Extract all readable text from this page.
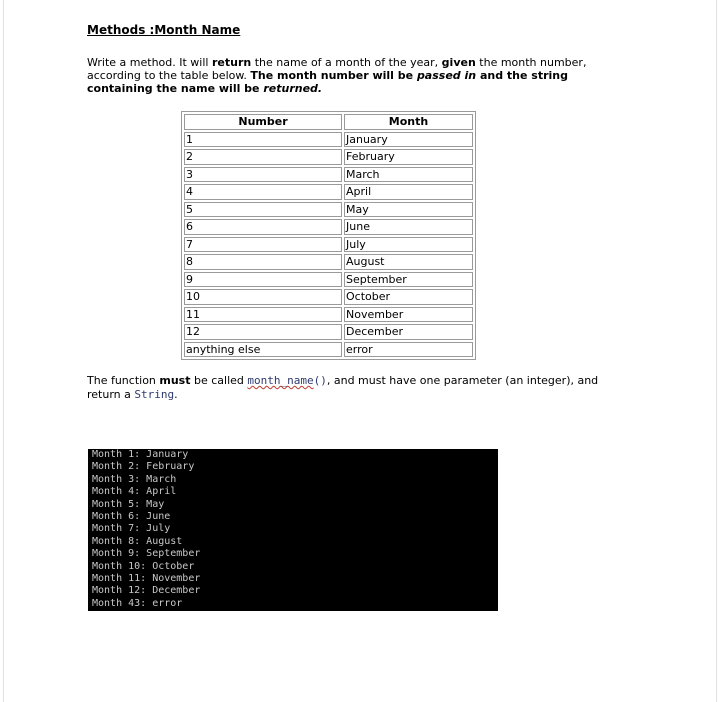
Methods :Month Name
Write a method. It will return the name of a month of the year, given the month number, according to the table below. The month number will be passed in and the string containing the name will be returned.
Number	Month
1	January
2	February
3	March
4	April
5	May
6	June
7	July
8	August
9	September
10	October
11	November
12	December
anything else	error
The function must be called month_name(), and must have one parameter (an integer), and return a String.
Month 1: January
Month 2: February
Month 3: March
Month 4: April
Month 5: May
Month 6: June
Month 7: July
Month 8: August
Month 9: September
Month 10: October
Month 11: November
Month 12: December
Month 43: error
